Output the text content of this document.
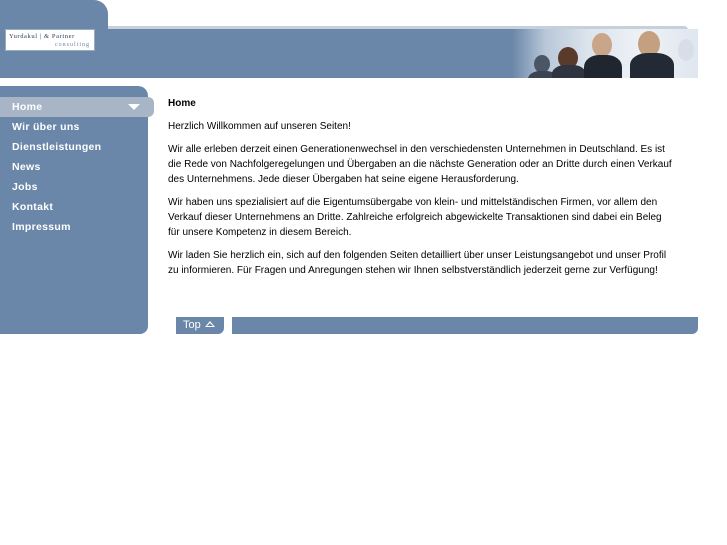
Yurdakul | & Partner
consulting
Home
Wir über uns
Dienstleistungen
News
Jobs
Kontakt
Impressum
Home

Herzlich Willkommen auf unseren Seiten!

Wir alle erleben derzeit einen Generationenwechsel in den verschiedensten Unternehmen in Deutschland. Es ist die Rede von Nachfolgeregelungen und Übergaben an die nächste Generation oder an Dritte durch einen Verkauf des Unternehmens. Jede dieser Übergaben hat seine eigene Herausforderung.

Wir haben uns spezialisiert auf die Eigentumsübergabe von klein- und mittelständischen Firmen, vor allem den Verkauf dieser Unternehmens an Dritte. Zahlreiche erfolgreich abgewickelte Transaktionen sind dabei ein Beleg für unsere Kompetenz in diesem Bereich.

Wir laden Sie herzlich ein, sich auf den folgenden Seiten detailliert über unser Leistungsangebot und unser Profil zu informieren. Für Fragen und Anregungen stehen wir Ihnen selbstverständlich jederzeit gerne zur Verfügung!

Top
